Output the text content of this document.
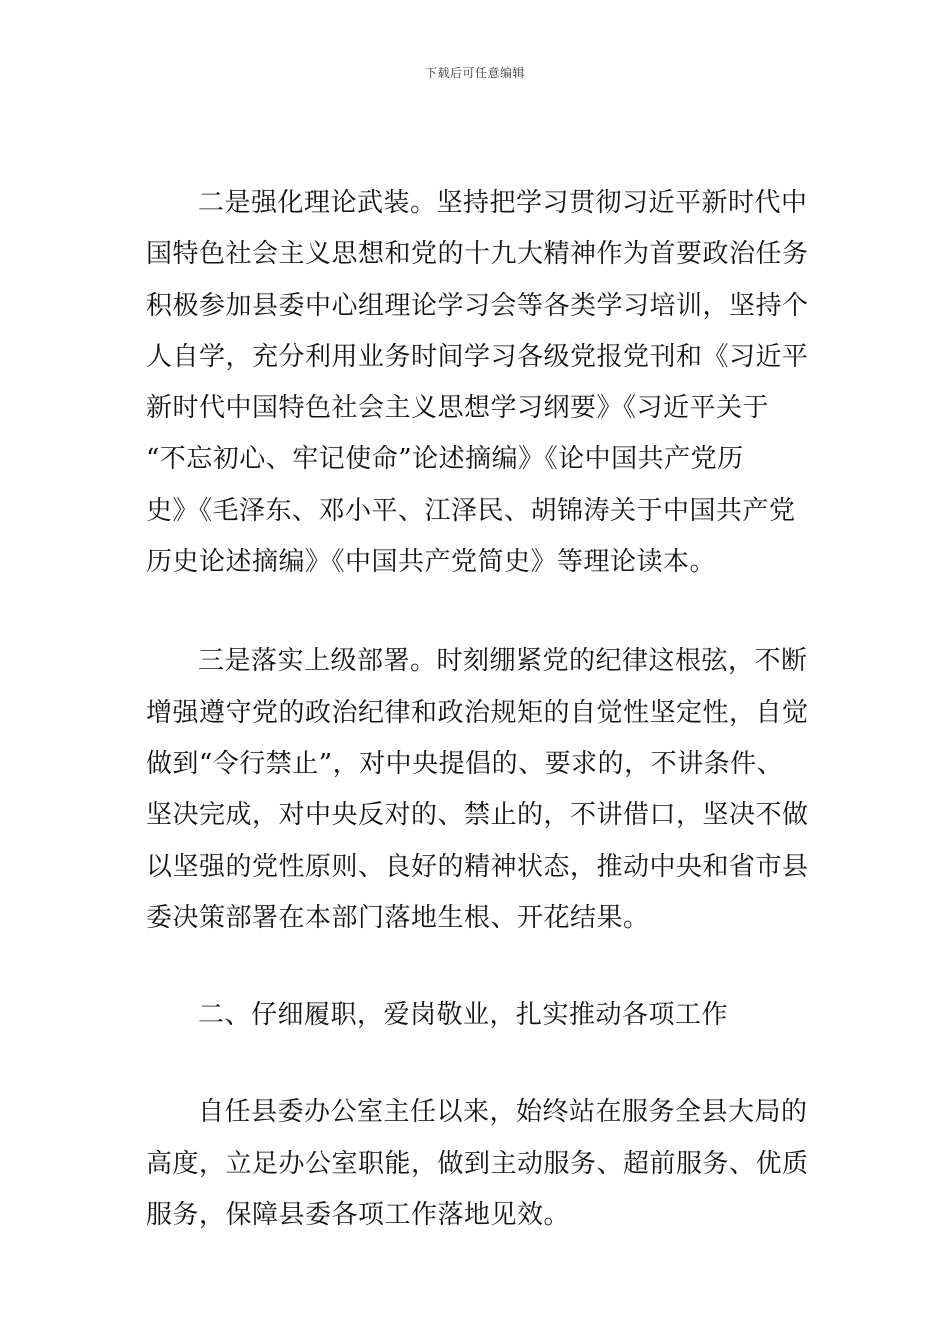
下载后可任意编辑
二是强化理论武装。坚持把学习贯彻习近平新时代中
国特色社会主义思想和党的十九大精神作为首要政治任务
积极参加县委中心组理论学习会等各类学习培训，坚持个
人自学，充分利用业务时间学习各级党报党刊和《习近平
新时代中国特色社会主义思想学习纲要》《习近平关于
“不忘初心、牢记使命”论述摘编》《论中国共产党历
史》《毛泽东、邓小平、江泽民、胡锦涛关于中国共产党
历史论述摘编》《中国共产党简史》等理论读本。
三是落实上级部署。时刻绷紧党的纪律这根弦，不断
增强遵守党的政治纪律和政治规矩的自觉性坚定性，自觉
做到“令行禁止”，对中央提倡的、要求的，不讲条件、
坚决完成，对中央反对的、禁止的，不讲借口，坚决不做
以坚强的党性原则、良好的精神状态，推动中央和省市县
委决策部署在本部门落地生根、开花结果。
二、仔细履职，爱岗敬业，扎实推动各项工作
自任县委办公室主任以来，始终站在服务全县大局的
高度，立足办公室职能，做到主动服务、超前服务、优质
服务，保障县委各项工作落地见效。
